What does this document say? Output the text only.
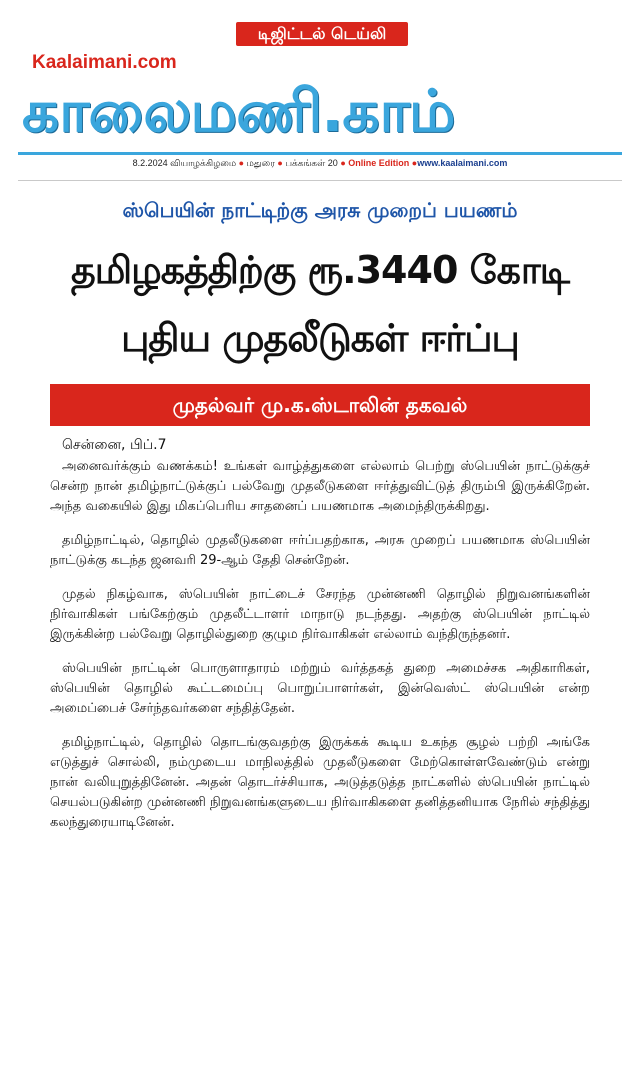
டிஜிட்டல் டெய்லி
Kaalaimani.com
காலைமணி.காம்
8.2.2024 வியாழக்கிழமை ● மதுரை ● பக்கங்கள் 20 ● Online Edition ●www.kaalaimani.com
ஸ்பெயின் நாட்டிற்கு அரசு முறைப் பயணம்
தமிழகத்திற்கு ரூ.3440 கோடி
புதிய முதலீடுகள் ஈர்ப்பு
முதல்வர் மு.க.ஸ்டாலின் தகவல்
சென்னை, பிப்.7

அனைவர்க்கும் வணக்கம்! உங்கள் வாழ்த்துகளை எல்லாம் பெற்று ஸ்பெயின் நாட்டுக்குச் சென்ற நான் தமிழ்நாட்டுக்குப் பல்வேறு முதலீடுகளை ஈர்த்துவிட்டுத் திரும்பி இருக்கிறேன். அந்த வகையில் இது மிகப்பெரிய சாதனைப் பயணமாக அமைந்திருக்கிறது.

தமிழ்நாட்டில், தொழில் முதலீடுகளை ஈர்ப்பதற்காக, அரசு முறைப் பயணமாக ஸ்பெயின் நாட்டுக்கு கடந்த ஜனவரி 29-ஆம் தேதி சென்றேன்.

முதல் நிகழ்வாக, ஸ்பெயின் நாட்டைச் சேரந்த முன்னணி தொழில் நிறுவனங்களின் நிர்வாகிகள் பங்கேற்கும் முதலீட்டாளர் மாநாடு நடந்தது. அதற்கு ஸ்பெயின் நாட்டில் இருக்கின்ற பல்வேறு தொழில்துறை குழும நிர்வாகிகள் எல்லாம் வந்திருந்தனர்.

ஸ்பெயின் நாட்டின் பொருளாதாரம் மற்றும் வர்த்தகத் துறை அமைச்சக அதிகாரிகள், ஸ்பெயின் தொழில் கூட்டமைப்பு பொறுப்பாளர்கள், இன்வெஸ்ட் ஸ்பெயின் என்ற அமைப்பைச் சேர்ந்தவர்களை சந்தித்தேன்.

தமிழ்நாட்டில், தொழில் தொடங்குவதற்கு இருக்கக் கூடிய உகந்த சூழல் பற்றி அங்கே எடுத்துச் சொல்லி, நம்முடைய மாநிலத்தில் முதலீடுகளை மேற்கொள்ளவேண்டும் என்று நான் வலியுறுத்தினேன். அதன் தொடர்ச்சியாக, அடுத்தடுத்த நாட்களில் ஸ்பெயின் நாட்டில் செயல்படுகின்ற முன்னணி நிறுவனங்களுடைய நிர்வாகிகளை தனித்தனியாக நேரில் சந்தித்து கலந்துரையாடினேன்.
